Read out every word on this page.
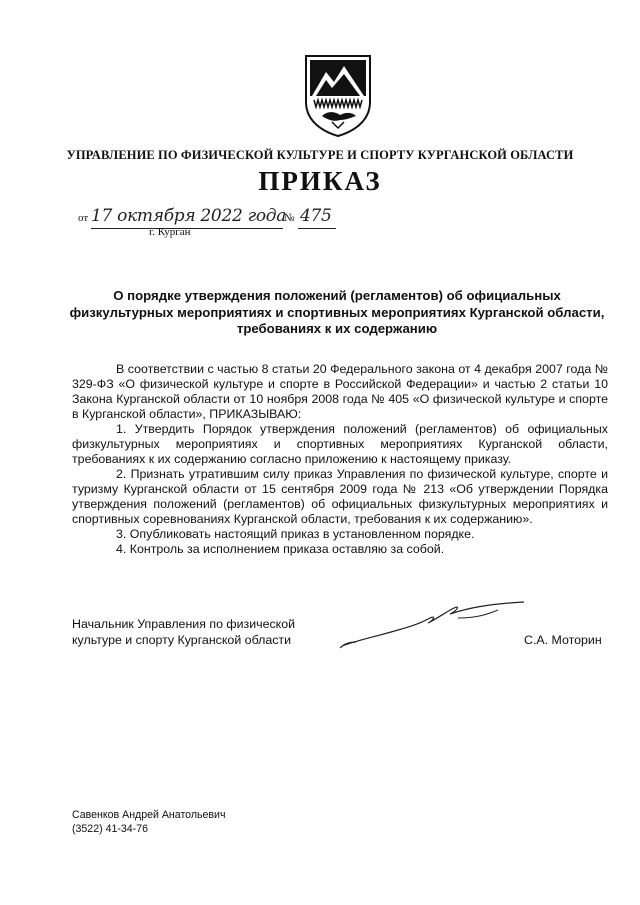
УПРАВЛЕНИЕ ПО ФИЗИЧЕСКОЙ КУЛЬТУРЕ И СПОРТУ КУРГАНСКОЙ ОБЛАСТИ
ПРИКАЗ
от 17 октября 2022 года
№ 475
г. Курган
О порядке утверждения положений (регламентов) об официальных
физкультурных мероприятиях и спортивных мероприятиях Курганской области,
требованиях к их содержанию

В соответствии с частью 8 статьи 20 Федерального закона от 4 декабря 2007 года № 329-ФЗ «О физической культуре и спорте в Российской Федерации» и частью 2 статьи 10 Закона Курганской области от 10 ноября 2008 года № 405 «О физической культуре и спорте в Курганской области», ПРИКАЗЫВАЮ:

1. Утвердить Порядок утверждения положений (регламентов) об официальных физкультурных мероприятиях и спортивных мероприятиях Курганской области, требованиях к их содержанию согласно приложению к настоящему приказу.

2. Признать утратившим силу приказ Управления по физической культуре, спорте и туризму Курганской области от 15 сентября 2009 года № 213 «Об утверждении Порядка утверждения положений (регламентов) об официальных физкультурных мероприятиях и спортивных соревнованиях Курганской области, требования к их содержанию».

3. Опубликовать настоящий приказ в установленном порядке.

4. Контроль за исполнением приказа оставляю за собой.

Начальник Управления по физической
культуре и спорту Курганской области	С.А. Моторин
Савенков Андрей Анатольевич
(3522) 41-34-76
